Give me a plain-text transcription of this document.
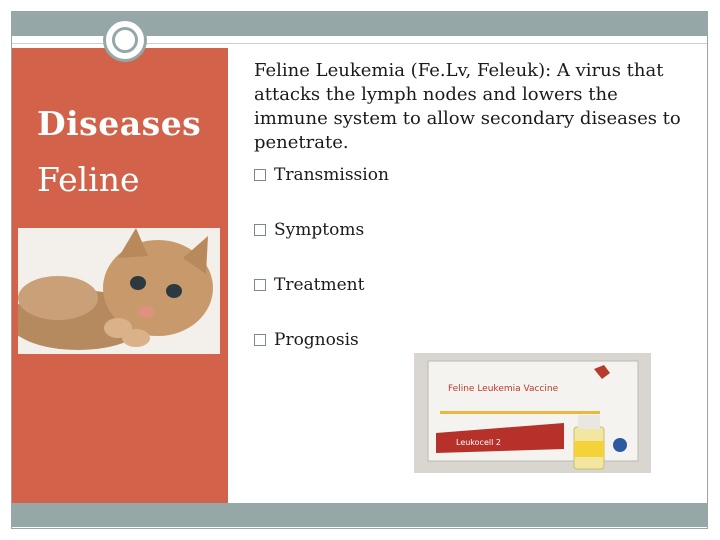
Diseases
Feline
Feline Leukemia (Fe.Lv, Feleuk): A virus that attacks the lymph nodes and lowers the immune system to allow secondary diseases to penetrate.
Transmission
Symptoms
Treatment
Prognosis
Feline Leukemia Vaccine
Leukocell 2
